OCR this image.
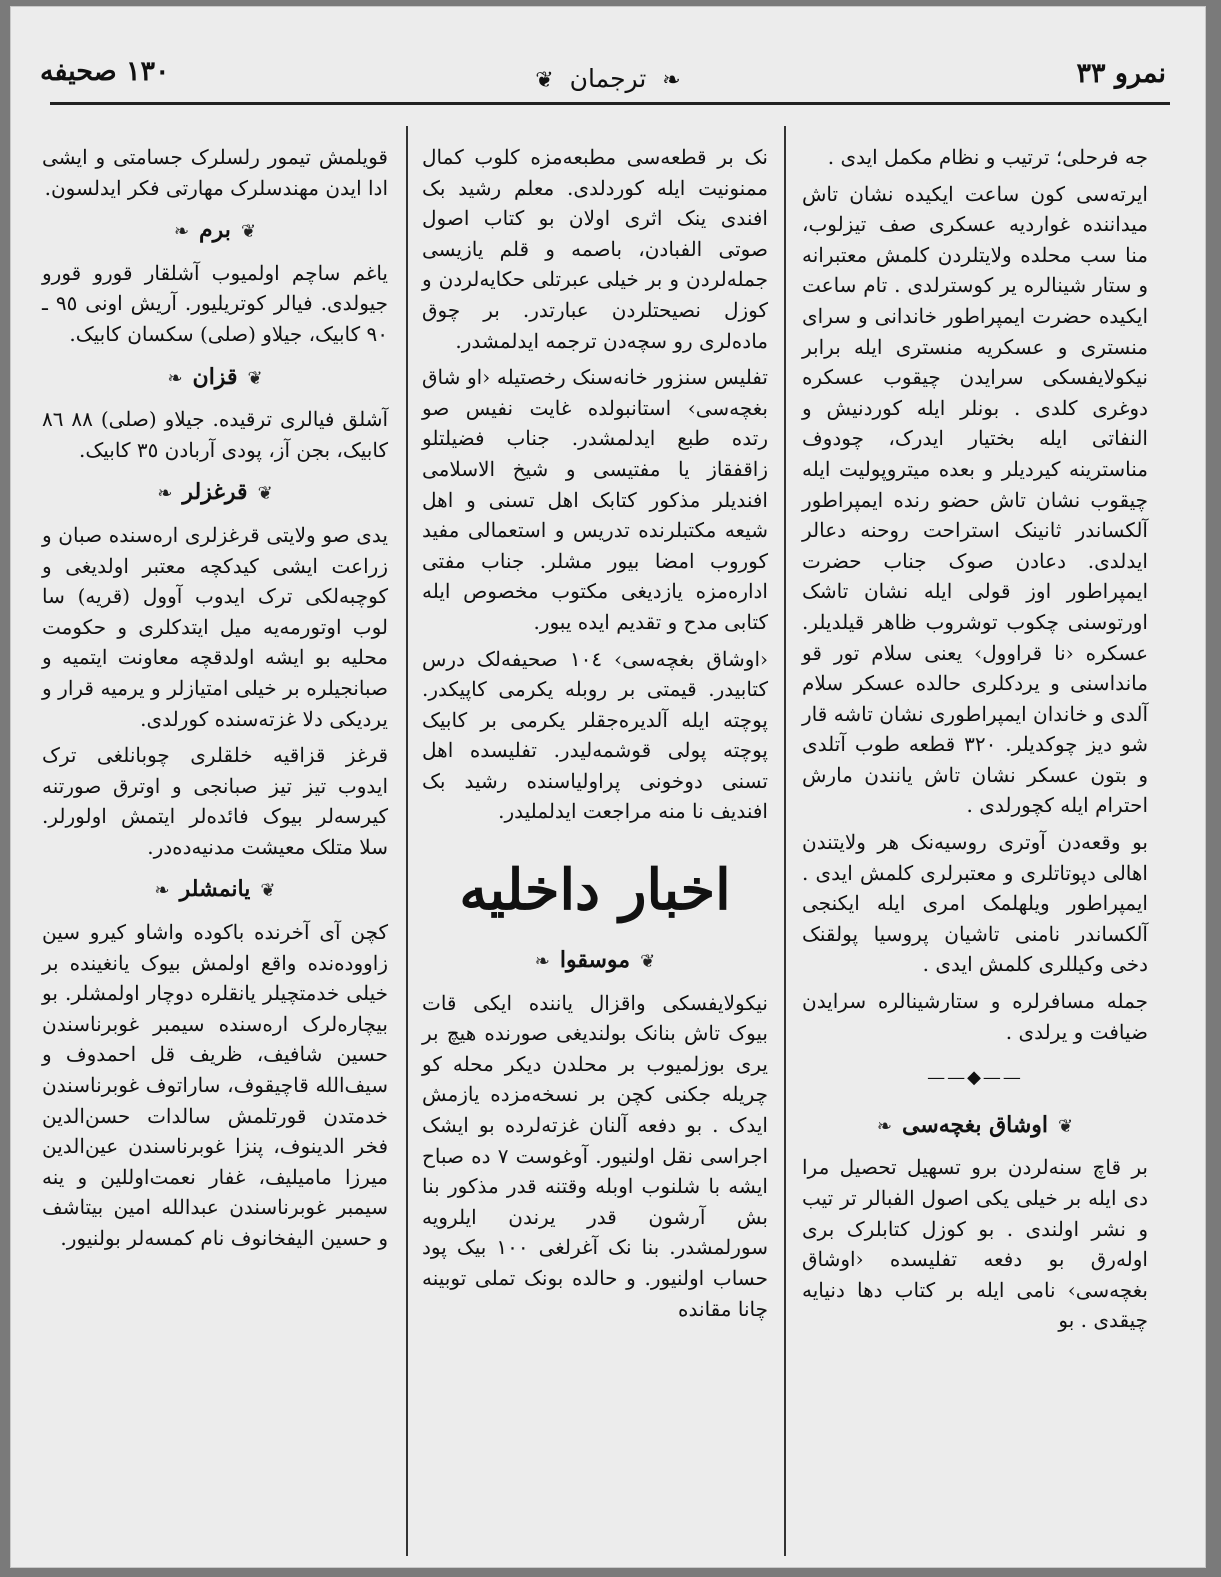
نمرو ٣٣
❧ ترجمان ❦
١٣٠ صحيفه
جه فرحلی؛ ترتیب و نظام مکمل ایدی .
ایرته‌سی کون ساعت ایکیده نشان تاش میداننده غوارديه عسکری صف تیزلوب، منا سب محلده ولایتلردن کلمش معتبرانه و ستار شینالره یر کوسترلدی . تام ساعت ایکیده حضرت ایمپراطور خاندانی و سرای منستری و عسکریه منستری ایله برابر نیکولایفسکی سرایدن چیقوب عسکره دوغری کلدی . بونلر ایله کوردنیش و النفاتی ایله بختیار ایدرک، چودوف مناسترینه کیردیلر و بعده میتروپولیت ایله چیقوب نشان تاش حضو رنده ایمپراطور آلکساندر ثانینک استراحت روحنه دعالر ایدلدی. دعادن صوک جناب حضرت ایمپراطور اوز قولی ایله نشان تاشک اورتوسنی چکوب توشروب ظاهر قیلدیلر. عسکره ‹نا قراوول› یعنی سلام تور قو مانداسنی و یردکلری حالده عسکر سلام آلدی و خاندان ایمپراطوری نشان تاشه قار شو دیز چوکدیلر. ٣٢٠ قطعه طوب آتلدی و بتون عسکر نشان تاش یانندن مارش احترام ایله کچورلدی .
بو وقعه‌دن آوتری روسیه‌نک هر ولایتندن اهالی دپوتاتلری و معتبرلری کلمش ایدی . ایمپراطور ویلهلمک امری ایله ایکنجی آلکساندر نامنی تاشیان پروسیا پولقنک دخی وکیللری کلمش ایدی .
جمله مسافرلره و ستارشینالره سرایدن ضیافت و یرلدی .
——◆——
❦اوشاق بغچه‌سی❧
بر قاچ سنه‌لردن برو تسهیل تحصیل مرا دی ایله بر خیلی یکی اصول الفبالر تر تیب و نشر اولندی . بو کوزل کتابلرک بری اوله‌رق بو دفعه تفلیسده ‹اوشاق بغچه‌سی› نامی ایله بر کتاب دها دنیایه چیقدی . بو
نک بر قطعه‌سی مطبعه‌مزه کلوب کمال ممنونیت ایله کوردلدی. معلم رشید بک افندی ینک اثری اولان بو کتاب اصول صوتی الفبادن، باصمه و قلم یازیسی جمله‌لردن و بر خیلی عبرتلی حکایه‌لردن و کوزل نصیحتلردن عبارتدر. بر چوق ماده‌لری رو سچه‌دن ترجمه ایدلمشدر.
تفلیس سنزور خانه‌سنک رخصتیله ‹او شاق بغچه‌سی› استانبولده غایت نفیس صو رتده طبع ایدلمشدر. جناب فضیلتلو زاقفقاز یا مفتیسی و شیخ الاسلامی افندیلر مذکور کتابک اهل تسنی و اهل شیعه مکتبلرنده تدریس و استعمالی مفید کوروب امضا بیور مشلر. جناب مفتی اداره‌مزه یازدیغی مکتوب مخصوص ایله کتابی مدح و تقدیم ایده یبور.
‹اوشاق بغچه‌سی› ١٠٤ صحیفه‌لک درس کتابیدر. قیمتی بر روبله یکرمی کاپیکدر. پوچته ایله آلدیره‌جقلر یکرمی بر کابیک پوچته پولی قوشمه‌لیدر. تفلیسده اهل تسنی دوخونی پراولیاسنده رشید بک افندیف نا منه مراجعت ایدلملیدر.
اخبار داخلیه
❦موسقوا❧
نیکولایفسکی واقزال یاننده ایکی قات بیوک تاش بنانک بولندیغی صورنده هیچ بر یری بوزلمیوب بر محلدن دیکر محله کو چریله جکنی کچن بر نسخه‌مزده یازمش ایدک . بو دفعه آلنان غزته‌لرده بو ایشک اجراسی نقل اولنیور. آوغوست ٧ ده صباح ایشه با شلنوب اوبله وقتنه قدر مذکور بنا بش آرشون قدر یرندن ایلرویه سورلمشدر. بنا نک آغرلغی ١٠٠ بیک پود حساب اولنیور. و حالده بونک تملی توبینه چانا مقانده
قویلمش تیمور رلسلرک جسامتی و ایشی ادا ایدن مهندسلرک مهارتی فکر ایدلسون.
❦برم❧
یاغم ساچم اولمیوب آشلقار قورو قورو جیولدی. فیالر کوتریلیور. آریش اونی ٩٥ ـ ٩٠ کابیک، جیلاو (صلی) سکسان کابیک.
❦قزان❧
آشلق فیالری ترقیده. جیلاو (صلی) ٨٨ ٨٦ کابیک، بجن آز، پودی آربادن ٣٥ کابیک.
❦قرغزلر❧
یدی صو ولایتی قرغزلری ارەسنده صبان و زراعت ایشی کیدکچه معتبر اولدیغی و کوچبه‌لکی ترک ایدوب آوول (قریه) سا لوب اوتورمه‌یه میل ایتدکلری و حکومت محلیه بو ایشه اولدقچه معاونت ایتمیه و صبانجیلره بر خیلی امتیازلر و یرمیه قرار و یردیکی دلا غزته‌سنده کورلدی.
قرغز قزاقیه خلقلری چوبانلغی ترک ایدوب تیز تیز صبانجی و اوترق صورتنه کیرسه‌لر بیوک فائده‌لر ایتمش اولورلر. سلا متلک معیشت مدنیه‌ده‌در.
❦یانمشلر❧
کچن آی آخرنده باکوده واشاو کیرو سین زاووده‌نده واقع اولمش بیوک یانغینده بر خیلی خدمتچیلر یانقلره دوچار اولمشلر. بو بیچاره‌لرک ارەسنده سیمبر غوبرناسندن حسین شافیف، ظریف قل احمدوف و سیف‌الله قاچیقوف، ساراتوف غوبرناسندن خدمتدن قورتلمش سالدات حسن‌الدین فخر الدینوف، پنزا غوبرناسندن عین‌الدین میرزا مامیلیف، غفار نعمت‌اوللین و ینه سیمبر غوبرناسندن عبدالله امین بیتاشف و حسین الیفخانوف نام کمسه‌لر بولنیور.
